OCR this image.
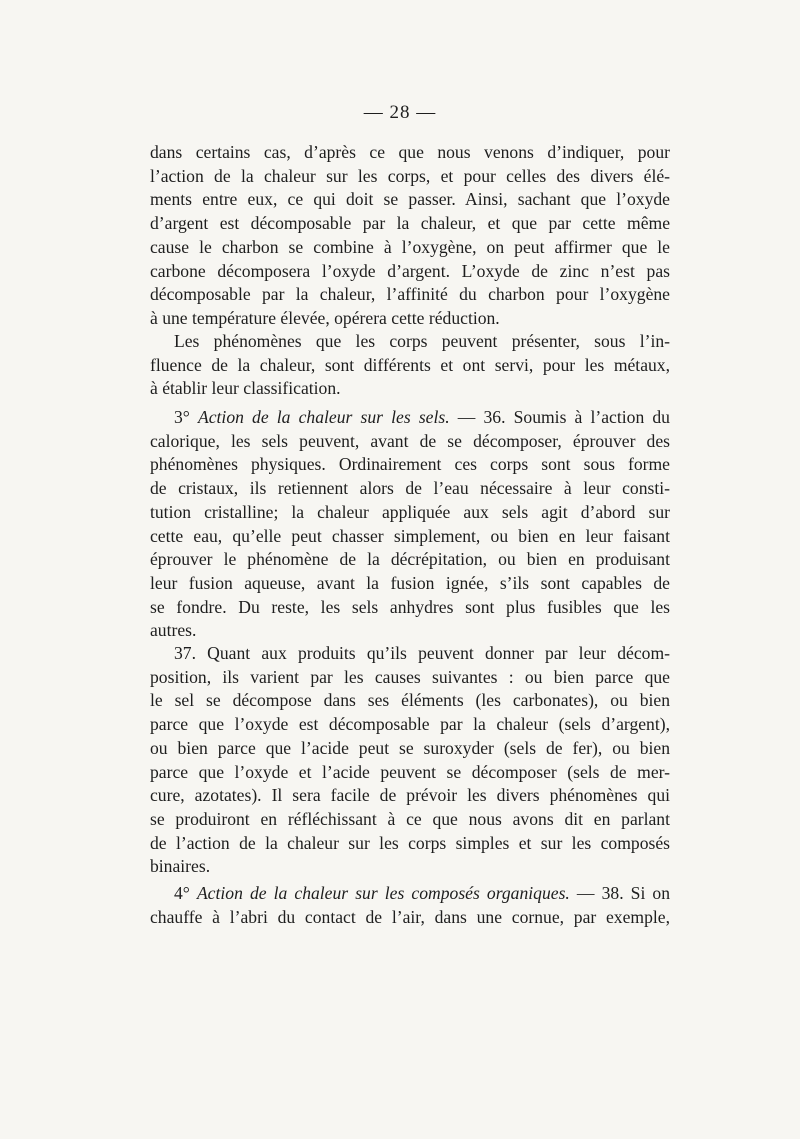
— 28 —
dans certains cas, d’après ce que nous venons d’indiquer, pour
l’action de la chaleur sur les corps, et pour celles des divers élé-
ments entre eux, ce qui doit se passer. Ainsi, sachant que l’oxyde
d’argent est décomposable par la chaleur, et que par cette même
cause le charbon se combine à l’oxygène, on peut affirmer que le
carbone décomposera l’oxyde d’argent. L’oxyde de zinc n’est pas
décomposable par la chaleur, l’affinité du charbon pour l’oxygène
à une température élevée, opérera cette réduction.
Les phénomènes que les corps peuvent présenter, sous l’in-
fluence de la chaleur, sont différents et ont servi, pour les métaux,
à établir leur classification.
3° Action de la chaleur sur les sels. — 36. Soumis à l’action du
calorique, les sels peuvent, avant de se décomposer, éprouver des
phénomènes physiques. Ordinairement ces corps sont sous forme
de cristaux, ils retiennent alors de l’eau nécessaire à leur consti-
tution cristalline; la chaleur appliquée aux sels agit d’abord sur
cette eau, qu’elle peut chasser simplement, ou bien en leur faisant
éprouver le phénomène de la décrépitation, ou bien en produisant
leur fusion aqueuse, avant la fusion ignée, s’ils sont capables de
se fondre. Du reste, les sels anhydres sont plus fusibles que les
autres.
37. Quant aux produits qu’ils peuvent donner par leur décom-
position, ils varient par les causes suivantes : ou bien parce que
le sel se décompose dans ses éléments (les carbonates), ou bien
parce que l’oxyde est décomposable par la chaleur (sels d’argent),
ou bien parce que l’acide peut se suroxyder (sels de fer), ou bien
parce que l’oxyde et l’acide peuvent se décomposer (sels de mer-
cure, azotates). Il sera facile de prévoir les divers phénomènes qui
se produiront en réfléchissant à ce que nous avons dit en parlant
de l’action de la chaleur sur les corps simples et sur les composés
binaires.
4° Action de la chaleur sur les composés organiques. — 38. Si on
chauffe à l’abri du contact de l’air, dans une cornue, par exemple,
